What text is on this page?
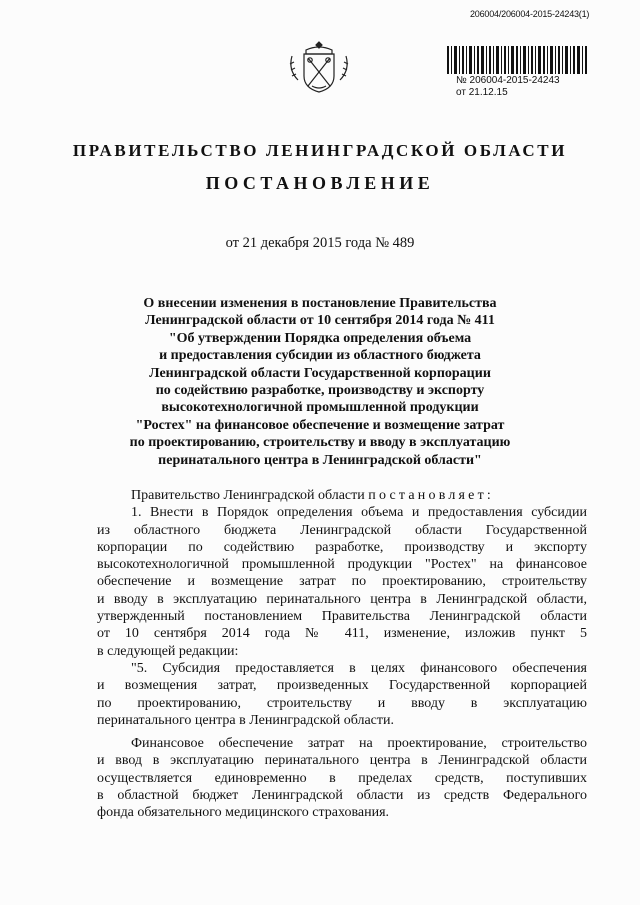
206004/206004-2015-24243(1)
№ 206004-2015-24243
от 21.12.15
ПРАВИТЕЛЬСТВО ЛЕНИНГРАДСКОЙ ОБЛАСТИ
ПОСТАНОВЛЕНИЕ
от 21 декабря 2015 года № 489
О внесении изменения в постановление Правительства
Ленинградской области от 10 сентября 2014 года № 411
"Об утверждении Порядка определения объема
и предоставления субсидии из областного бюджета
Ленинградской области Государственной корпорации
по содействию разработке, производству и экспорту
высокотехнологичной промышленной продукции
"Ростех" на финансовое обеспечение и возмещение затрат
по проектированию, строительству и вводу в эксплуатацию
перинатального центра в Ленинградской области"
Правительство Ленинградской области постановляет:
1. Внести в Порядок определения объема и предоставления субсидии
из областного бюджета Ленинградской области Государственной
корпорации по содействию разработке, производству и экспорту
высокотехнологичной промышленной продукции "Ростех" на финансовое
обеспечение и возмещение затрат по проектированию, строительству
и вводу в эксплуатацию перинатального центра в Ленинградской области,
утвержденный постановлением Правительства Ленинградской области
от 10 сентября 2014 года № 411, изменение, изложив пункт 5
в следующей редакции:
"5. Субсидия предоставляется в целях финансового обеспечения
и возмещения затрат, произведенных Государственной корпорацией
по проектированию, строительству и вводу в эксплуатацию
перинатального центра в Ленинградской области.
Финансовое обеспечение затрат на проектирование, строительство
и ввод в эксплуатацию перинатального центра в Ленинградской области
осуществляется единовременно в пределах средств, поступивших
в областной бюджет Ленинградской области из средств Федерального
фонда обязательного медицинского страхования.
